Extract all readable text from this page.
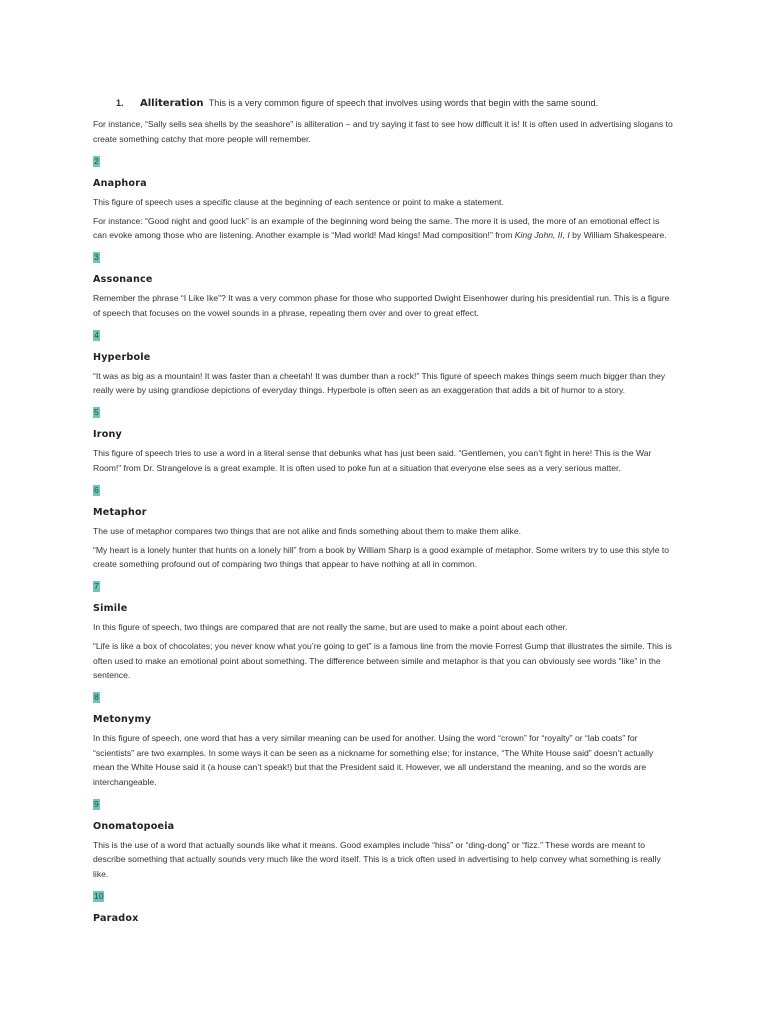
1. Alliteration This is a very common figure of speech that involves using words that begin with the same sound.

For instance, “Sally sells sea shells by the seashore” is alliteration – and try saying it fast to see how difficult it is! It is often used in advertising slogans to create something catchy that more people will remember.

2
Anaphora

This figure of speech uses a specific clause at the beginning of each sentence or point to make a statement.

For instance: “Good night and good luck” is an example of the beginning word being the same. The more it is used, the more of an emotional effect is can evoke among those who are listening. Another example is “Mad world! Mad kings! Mad composition!” from King John, II, I by William Shakespeare.

3
Assonance

Remember the phrase “I Like Ike”? It was a very common phase for those who supported Dwight Eisenhower during his presidential run. This is a figure of speech that focuses on the vowel sounds in a phrase, repeating them over and over to great effect.

4
Hyperbole

“It was as big as a mountain! It was faster than a cheetah! It was dumber than a rock!” This figure of speech makes things seem much bigger than they really were by using grandiose depictions of everyday things. Hyperbole is often seen as an exaggeration that adds a bit of humor to a story.

5
Irony

This figure of speech tries to use a word in a literal sense that debunks what has just been said. “Gentlemen, you can’t fight in here! This is the War Room!” from Dr. Strangelove is a great example. It is often used to poke fun at a situation that everyone else sees as a very serious matter.

6
Metaphor

The use of metaphor compares two things that are not alike and finds something about them to make them alike.

“My heart is a lonely hunter that hunts on a lonely hill” from a book by William Sharp is a good example of metaphor. Some writers try to use this style to create something profound out of comparing two things that appear to have nothing at all in common.

7
Simile

In this figure of speech, two things are compared that are not really the same, but are used to make a point about each other.

“Life is like a box of chocolates; you never know what you’re going to get” is a famous line from the movie Forrest Gump that illustrates the simile. This is often used to make an emotional point about something. The difference between simile and metaphor is that you can obviously see words “like” in the sentence.

8
Metonymy

In this figure of speech, one word that has a very similar meaning can be used for another. Using the word “crown” for “royalty” or “lab coats” for “scientists” are two examples. In some ways it can be seen as a nickname for something else; for instance, “The White House said” doesn’t actually mean the White House said it (a house can’t speak!) but that the President said it. However, we all understand the meaning, and so the words are interchangeable.

9
Onomatopoeia

This is the use of a word that actually sounds like what it means. Good examples include “hiss” or “ding-dong” or “fizz.” These words are meant to describe something that actually sounds very much like the word itself. This is a trick often used in advertising to help convey what something is really like.

10
Paradox
